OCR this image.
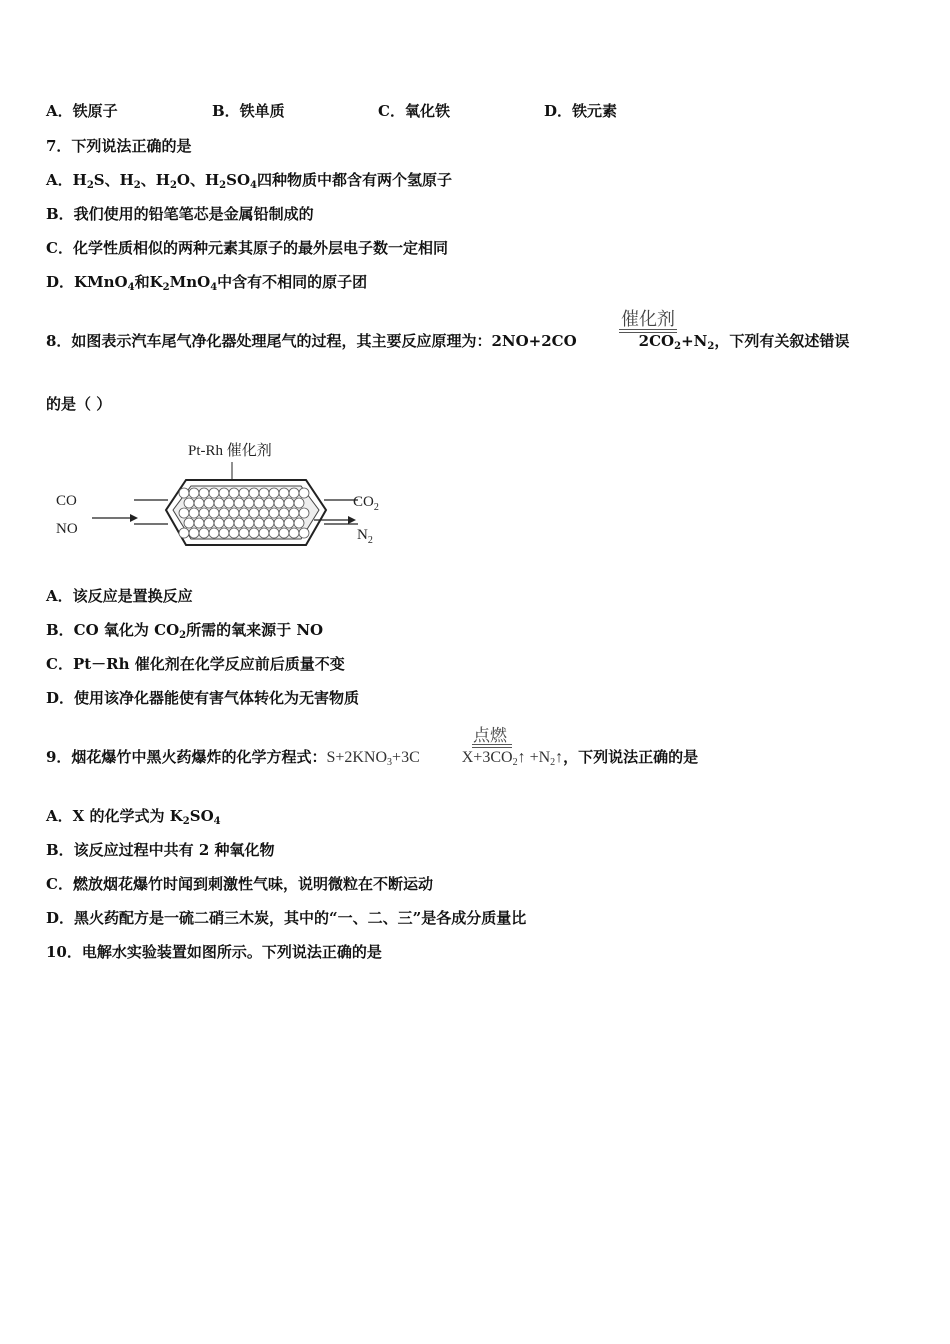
A．铁原子	B．铁单质	C．氧化铁	D．铁元素
7．下列说法正确的是
A．$H_2S$、$H_2$、$H_2O$、$H_2SO_4$四种物质中都含有两个氢原子
B．我们使用的铅笔笔芯是金属铅制成的
C．化学性质相似的两种元素其原子的最外层电子数一定相同
D．KMnO$_4$和$K_2MnO_4$中含有不相同的原子团
8．如图表示汽车尾气净化器处理尾气的过程，其主要反应原理为：2NO+2CO	$2CO_2+N_2$，下列有关叙述错误
催化剂
的是（ ）
Pt-Rh 催化剂
CO
NO
$CO_2$
$N_2$
A．该反应是置换反应
B．CO 氧化为 $CO_2$所需的氧来源于 NO
C．Pt－Rh 催化剂在化学反应前后质量不变
D．使用该净化器能使有害气体转化为无害物质
9．烟花爆竹中黑火药爆炸的化学方程式：$S+2KNO_3+3C$	$X+3CO_2↑$ $+N_2↑$，下列说法正确的是
点燃
A．X 的化学式为 $K_2SO_4$
B．该反应过程中共有 2 种氧化物
C．燃放烟花爆竹时闻到刺激性气味，说明微粒在不断运动
D．黑火药配方是一硫二硝三木炭，其中的“一、二、三”是各成分质量比
10．电解水实验装置如图所示。下列说法正确的是
